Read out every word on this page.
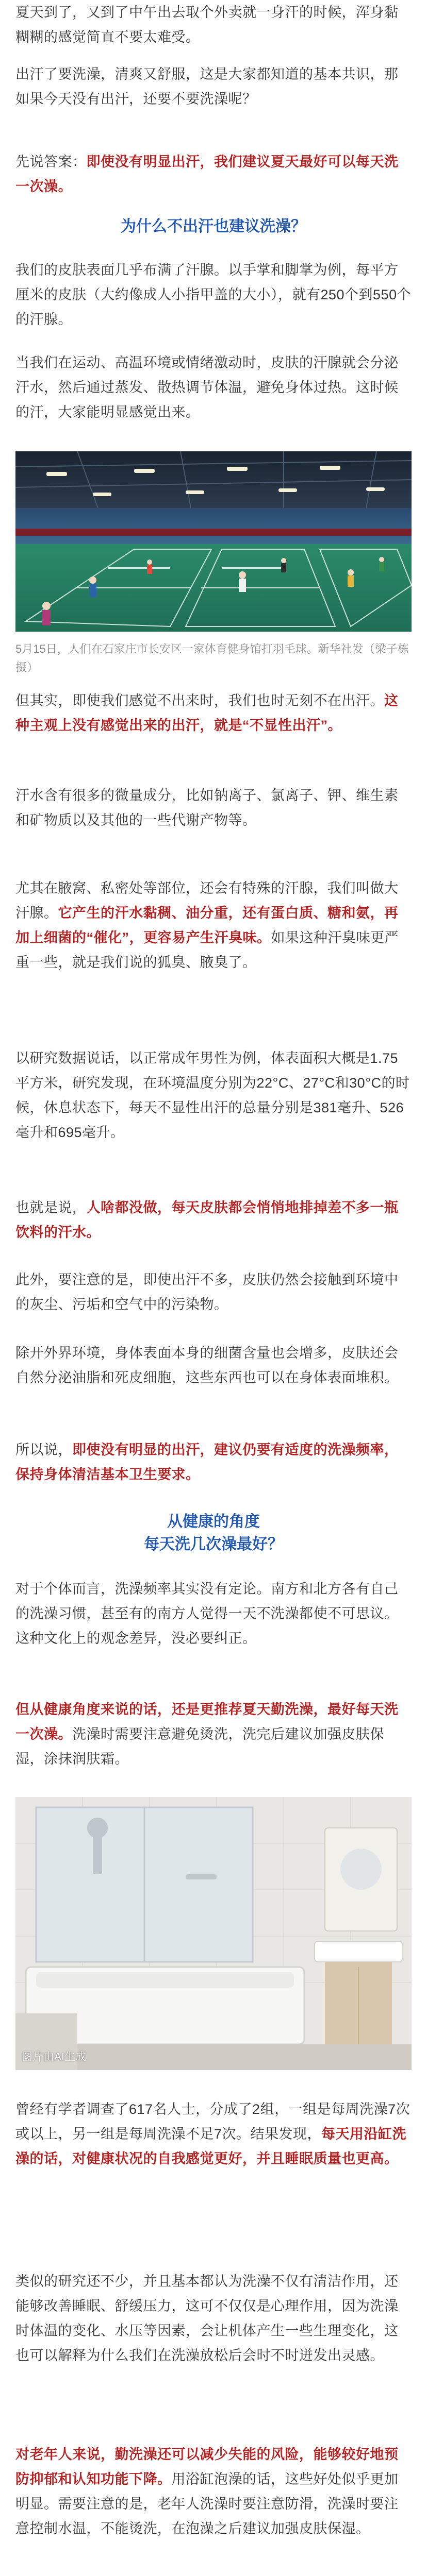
夏天到了，又到了中午出去取个外卖就一身汗的时候，浑身黏糊糊的感觉简直不要太难受。

出汗了要洗澡，清爽又舒服，这是大家都知道的基本共识，那如果今天没有出汗，还要不要洗澡呢？

先说答案：即使没有明显出汗，我们建议夏天最好可以每天洗一次澡。

为什么不出汗也建议洗澡？

我们的皮肤表面几乎布满了汗腺。以手掌和脚掌为例，每平方厘米的皮肤（大约像成人小指甲盖的大小），就有250个到550个的汗腺。

当我们在运动、高温环境或情绪激动时，皮肤的汗腺就会分泌汗水，然后通过蒸发、散热调节体温，避免身体过热。这时候的汗，大家能明显感觉出来。

5月15日，人们在石家庄市长安区一家体育健身馆打羽毛球。新华社发（梁子栋摄）

但其实，即使我们感觉不出来时，我们也时无刻不在出汗。这种主观上没有感觉出来的出汗，就是“不显性出汗”。

汗水含有很多的微量成分，比如钠离子、氯离子、钾、维生素和矿物质以及其他的一些代谢产物等。

尤其在腋窝、私密处等部位，还会有特殊的汗腺，我们叫做大汗腺。它产生的汗水黏稠、油分重，还有蛋白质、糖和氨，再加上细菌的“催化”，更容易产生汗臭味。如果这种汗臭味更严重一些，就是我们说的狐臭、腋臭了。

以研究数据说话，以正常成年男性为例，体表面积大概是1.75 平方米，研究发现，在环境温度分别为22°C、27°C和30°C的时候，休息状态下，每天不显性出汗的总量分别是381毫升、526 毫升和695毫升。

也就是说，人啥都没做，每天皮肤都会悄悄地排掉差不多一瓶饮料的汗水。

此外，要注意的是，即使出汗不多，皮肤仍然会接触到环境中的灰尘、污垢和空气中的污染物。

除开外界环境，身体表面本身的细菌含量也会增多，皮肤还会自然分泌油脂和死皮细胞，这些东西也可以在身体表面堆积。

所以说，即使没有明显的出汗，建议仍要有适度的洗澡频率，保持身体清洁基本卫生要求。

从健康的角度
每天洗几次澡最好？

对于个体而言，洗澡频率其实没有定论。南方和北方各有自己的洗澡习惯，甚至有的南方人觉得一天不洗澡都使不可思议。这种文化上的观念差异，没必要纠正。

但从健康角度来说的话，还是更推荐夏天勤洗澡，最好每天洗一次澡。洗澡时需要注意避免烫洗，洗完后建议加强皮肤保湿，涂抹润肤霜。

图片由AI生成

曾经有学者调查了617名人士，分成了2组，一组是每周洗澡7次或以上，另一组是每周洗澡不足7次。结果发现，每天用沿缸洗澡的话，对健康状况的自我感觉更好，并且睡眠质量也更高。

类似的研究还不少，并且基本都认为洗澡不仅有清洁作用，还能够改善睡眠、舒缓压力，这可不仅仅是心理作用，因为洗澡时体温的变化、水压等因素，会让机体产生一些生理变化，这也可以解释为什么我们在洗澡放松后会时不时迸发出灵感。

对老年人来说，勤洗澡还可以减少失能的风险，能够较好地预防抑郁和认知功能下降。用浴缸泡澡的话，这些好处似乎更加明显。需要注意的是，老年人洗澡时要注意防滑，洗澡时要注意控制水温，不能烫洗，在泡澡之后建议加强皮肤保湿。
